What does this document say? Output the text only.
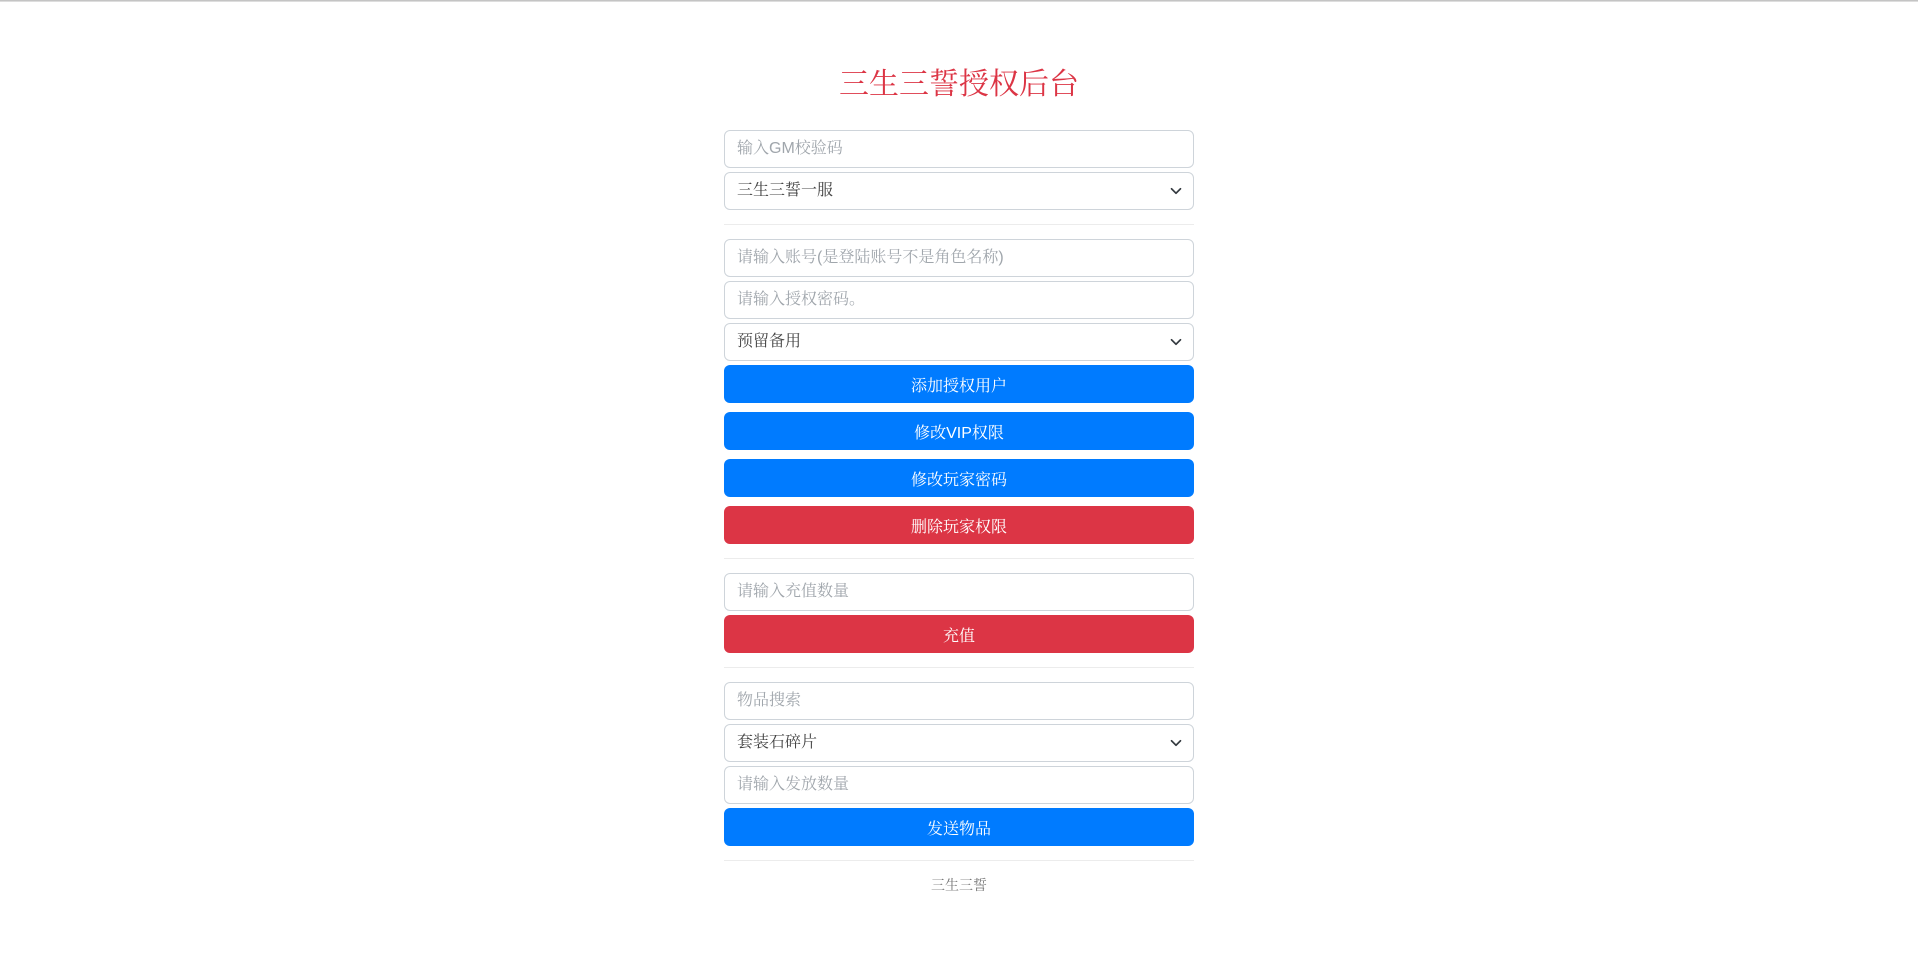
三生三誓授权后台
输入GM校验码
三生三誓一服
请输入账号(是登陆账号不是角色名称)
请输入授权密码。
预留备用
添加授权用户
修改VIP权限
修改玩家密码
删除玩家权限
请输入充值数量
充值
物品搜索
套装石碎片
请输入发放数量
发送物品
三生三誓
